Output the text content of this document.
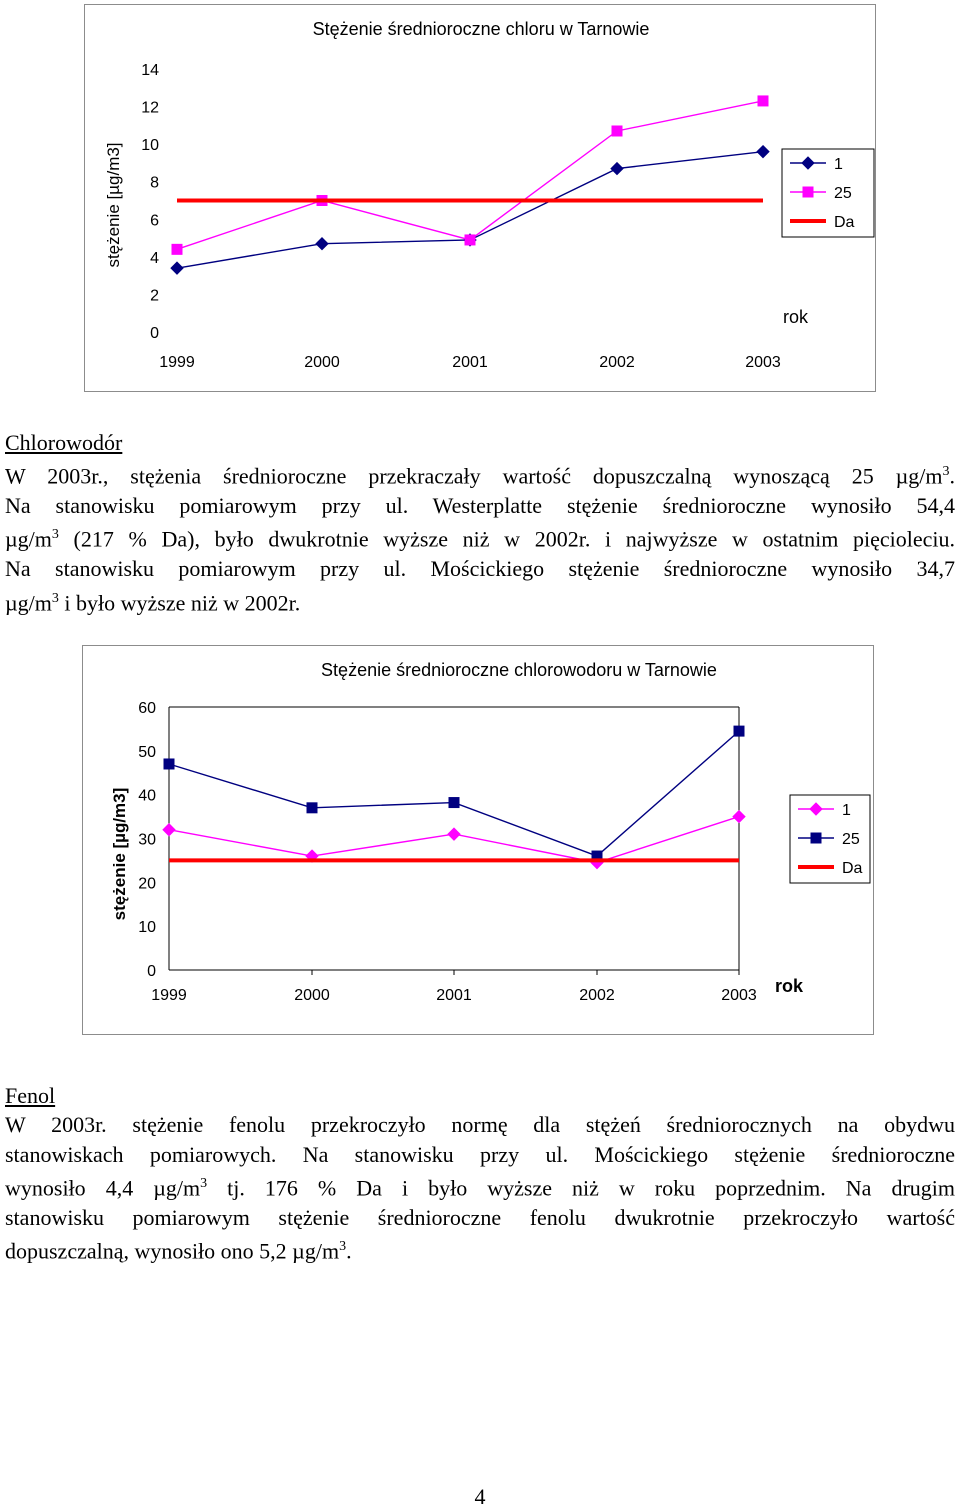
Stężenie średnioroczne chloru w Tarnowie
stężenie [µg/m3]
rok
0
2
4
6
8
10
12
14
1999	2000	2001	2002	2003
1
25
Da

Chlorowodór

W 2003r., stężenia średnioroczne przekraczały wartość dopuszczalną wynoszącą 25 $\mu g/m^3$.

Na stanowisku pomiarowym przy ul. Westerplatte stężenie średnioroczne wynosiło 54,4

$\mu g/m^3$ (217 % Da), było dwukrotnie wyższe niż w 2002r. i najwyższe w ostatnim pięcioleciu.

Na stanowisku pomiarowym przy ul. Mościckiego stężenie średnioroczne wynosiło 34,7

$\mu g/m^3$ i było wyższe niż w 2002r.

Stężenie średnioroczne chlorowodoru w Tarnowie
stężenie [µg/m3]
rok
0
10
20
30
40
50
60
1999	2000	2001	2002	2003
1
25
Da

Fenol

W 2003r. stężenie fenolu przekroczyło normę dla stężeń średniorocznych na obydwu

stanowiskach pomiarowych. Na stanowisku przy ul. Mościckiego stężenie średnioroczne

wynosiło 4,4 $\mu g/m^3$ tj. 176 % Da i było wyższe niż w roku poprzednim. Na drugim

stanowisku pomiarowym stężenie średnioroczne fenolu dwukrotnie przekroczyło wartość

dopuszczalną, wynosiło ono 5,2 $\mu g/m^3$.

4
